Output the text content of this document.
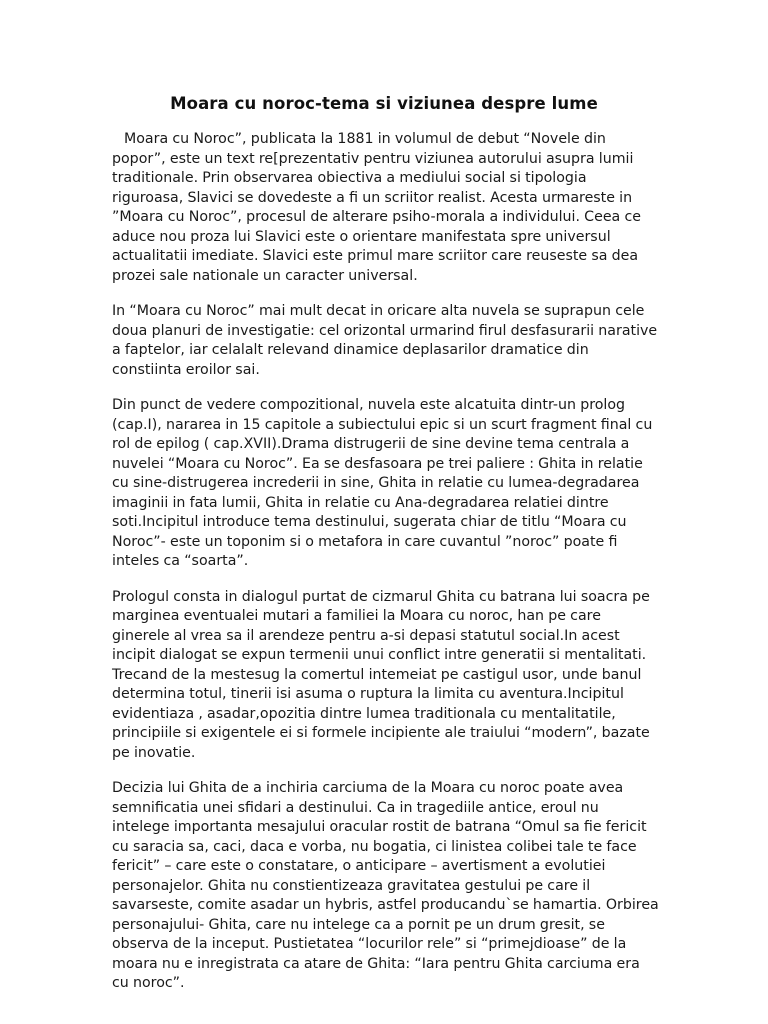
Moara cu noroc-tema si viziunea despre lume

Moara cu Noroc”, publicata la 1881 in volumul de debut “Novele din popor”, este un text re[prezentativ pentru viziunea autorului asupra lumii traditionale. Prin observarea obiectiva a mediului social si tipologia riguroasa, Slavici se dovedeste a fi un scriitor realist. Acesta urmareste in ”Moara cu Noroc”, procesul de alterare psiho-morala a individului. Ceea ce aduce nou proza lui Slavici este o orientare manifestata spre universul actualitatii imediate. Slavici este primul mare scriitor care reuseste sa dea prozei sale nationale un caracter universal.

In “Moara cu Noroc” mai mult decat in oricare alta nuvela se suprapun cele doua planuri de investigatie: cel orizontal urmarind firul desfasurarii narative a faptelor, iar celalalt relevand dinamice deplasarilor dramatice din constiinta eroilor sai.

Din punct de vedere compozitional, nuvela este alcatuita dintr-un prolog (cap.I), nararea in 15 capitole a subiectului epic si un scurt fragment final cu rol de epilog ( cap.XVII).Drama distrugerii de sine devine tema centrala a nuvelei “Moara cu Noroc”. Ea se desfasoara pe trei paliere : Ghita in relatie cu sine-distrugerea increderii in sine, Ghita in relatie cu lumea-degradarea imaginii in fata lumii, Ghita in relatie cu Ana-degradarea relatiei dintre soti.Incipitul introduce tema destinului, sugerata chiar de titlu “Moara cu Noroc”- este un toponim si o metafora in care cuvantul ”noroc” poate fi inteles ca “soarta”.

Prologul consta in dialogul purtat de cizmarul Ghita cu batrana lui soacra pe marginea eventualei mutari a familiei la Moara cu noroc, han pe care ginerele al vrea sa il arendeze pentru a-si depasi statutul social.In acest incipit dialogat se expun termenii unui conflict intre generatii si mentalitati. Trecand de la mestesug la comertul intemeiat pe castigul usor, unde banul determina totul, tinerii isi asuma o ruptura la limita cu aventura.Incipitul evidentiaza , asadar,opozitia dintre lumea traditionala cu mentalitatile, principiile si exigentele ei si formele incipiente ale traiului “modern”, bazate pe inovatie.

Decizia lui Ghita de a inchiria carciuma de la Moara cu noroc poate avea semnificatia unei sfidari a destinului. Ca in tragediile antice, eroul nu intelege importanta mesajului oracular rostit de batrana “Omul sa fie fericit cu saracia sa, caci, daca e vorba, nu bogatia, ci linistea colibei tale te face fericit” – care este o constatare, o anticipare – avertisment a evolutiei personajelor. Ghita nu constientizeaza gravitatea gestului pe care il savarseste, comite asadar un hybris, astfel producandu`se hamartia. Orbirea personajului- Ghita, care nu intelege ca a pornit pe un drum gresit, se observa de la inceput. Pustietatea “locurilor rele” si “primejdioase” de la moara nu e inregistrata ca atare de Ghita: “Iara pentru Ghita carciuma era cu noroc”.
